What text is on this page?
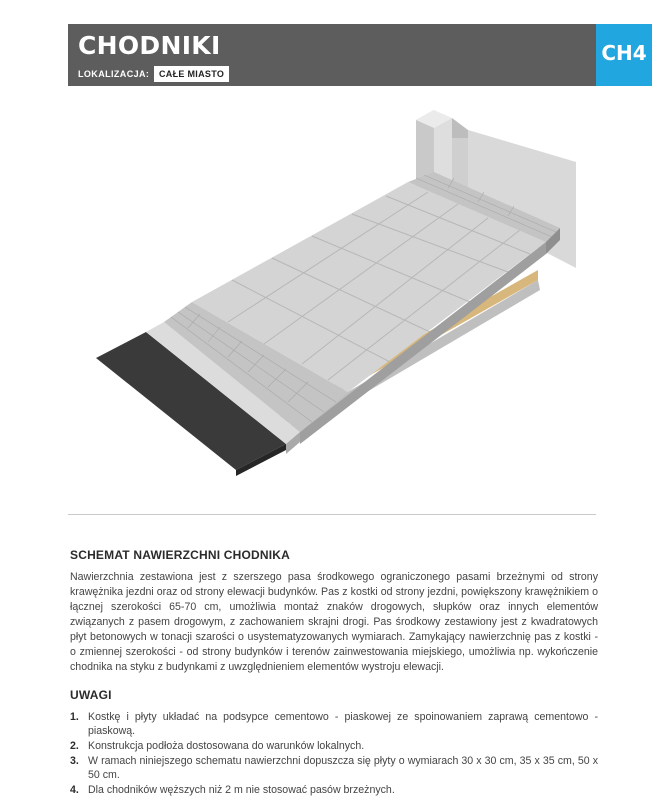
CHODNIKI
LOKALIZACJA:	CAŁE MIASTO
CH4
SCHEMAT NAWIERZCHNI CHODNIKA
Nawierzchnia zestawiona jest z szerszego pasa środkowego ograniczonego pasami brzeżnymi od strony krawężnika jezdni oraz od strony elewacji budynków. Pas z kostki od strony jezdni, powiększony krawężnikiem o łącznej szerokości 65-70 cm, umożliwia montaż znaków drogowych, słupków oraz innych elementów związanych z pasem drogowym, z zachowaniem skrajni drogi. Pas środkowy zestawiony jest z kwadratowych płyt betonowych w tonacji szarości o usystematyzowanych wymiarach. Zamykający nawierzchnię pas z kostki - o zmiennej szerokości - od strony budynków i terenów zainwestowania miejskiego, umożliwia np. wykończenie chodnika na styku z budynkami z uwzględnieniem elementów wystroju elewacji.
UWAGI
1. Kostkę i płyty układać na podsypce cementowo - piaskowej ze spoinowaniem zaprawą cementowo - piaskową.
2. Konstrukcja podłoża dostosowana do warunków lokalnych.
3. W ramach niniejszego schematu nawierzchni dopuszcza się płyty o wymiarach 30 x 30 cm, 35 x 35 cm, 50 x 50 cm.
4. Dla chodników węższych niż 2 m nie stosować pasów brzeżnych.
